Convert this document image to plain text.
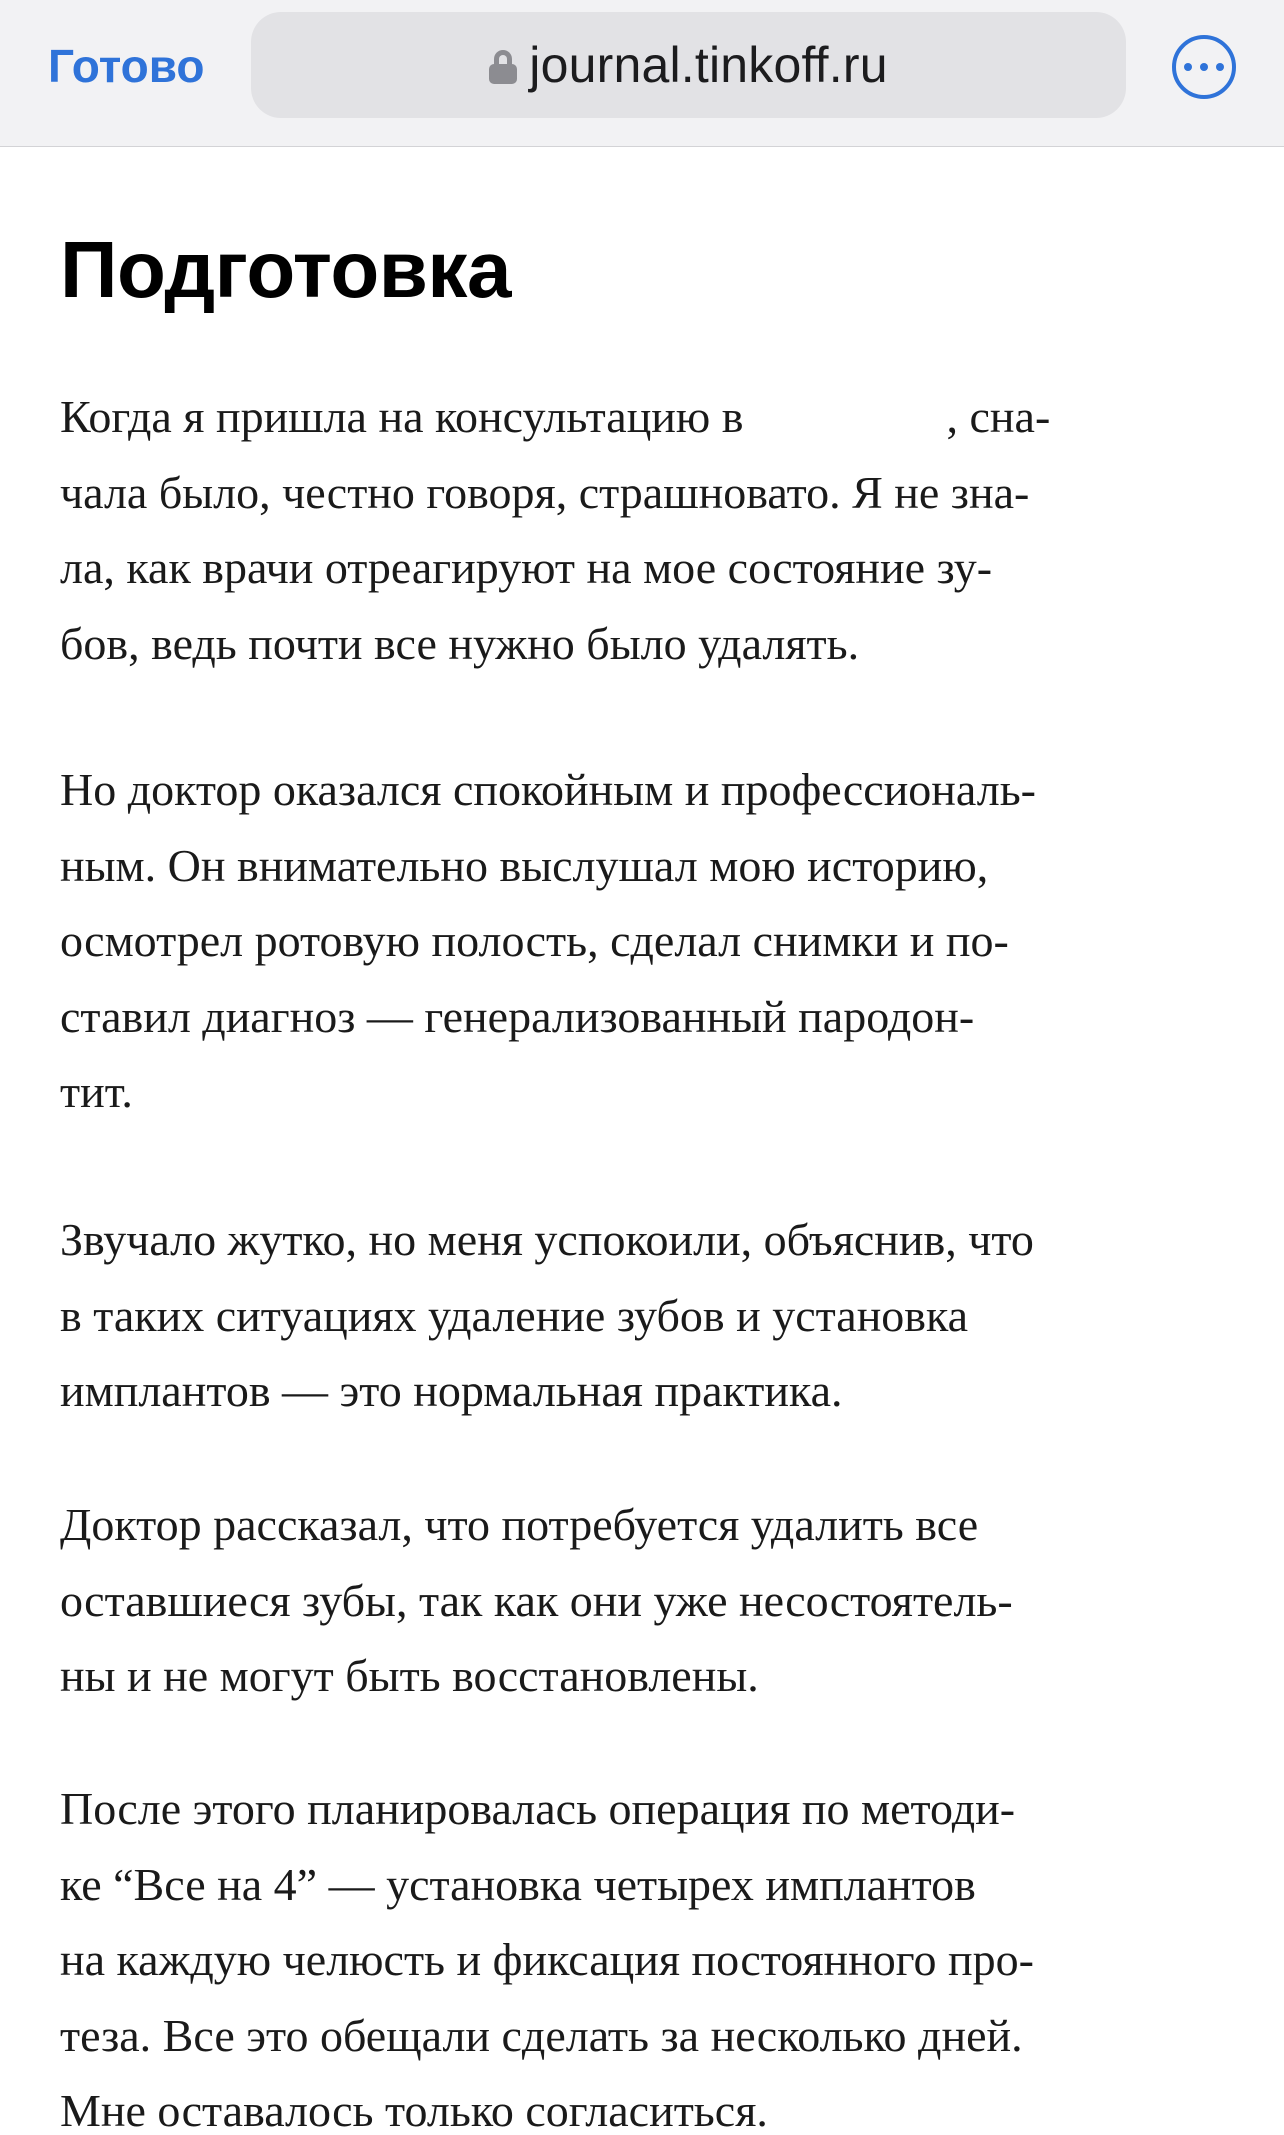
Готово	journal.tinkoff.ru
Подготовка
Когда я пришла на консультацию в	, сна-
чала было, честно говоря, страшновато. Я не зна-
ла, как врачи отреагируют на мое состояние зу-
бов, ведь почти все нужно было удалять.
Но доктор оказался спокойным и профессиональ-
ным. Он внимательно выслушал мою историю,
осмотрел ротовую полость, сделал снимки и по-
ставил диагноз — генерализованный пародон-
тит.
Звучало жутко, но меня успокоили, объяснив, что
в таких ситуациях удаление зубов и установка
имплантов — это нормальная практика.
Доктор рассказал, что потребуется удалить все
оставшиеся зубы, так как они уже несостоятель-
ны и не могут быть восстановлены.
После этого планировалась операция по методи-
ке “Все на 4” — установка четырех имплантов
на каждую челюсть и фиксация постоянного про-
теза. Все это обещали сделать за несколько дней.
Мне оставалось только согласиться.
